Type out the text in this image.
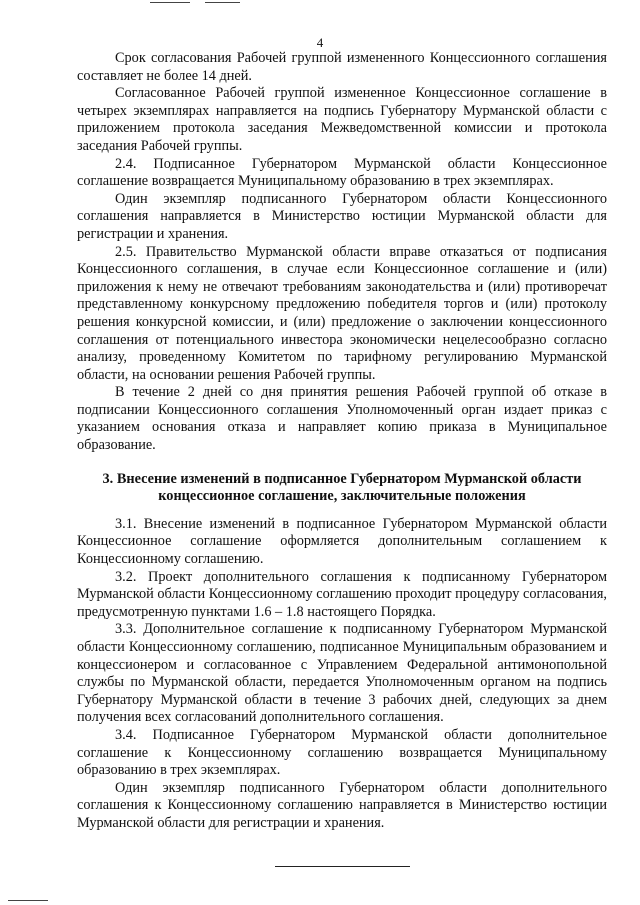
4

Срок согласования Рабочей группой измененного Концессионного соглашения составляет не более 14 дней.

Согласованное Рабочей группой измененное Концессионное соглашение в четырех экземплярах направляется на подпись Губернатору Мурманской области с приложением протокола заседания Межведомственной комиссии и протокола заседания Рабочей группы.

2.4. Подписанное Губернатором Мурманской области Концессионное соглашение возвращается Муниципальному образованию в трех экземплярах.

Один экземпляр подписанного Губернатором области Концессионного соглашения направляется в Министерство юстиции Мурманской области для регистрации и хранения.

2.5. Правительство Мурманской области вправе отказаться от подписания Концессионного соглашения, в случае если Концессионное соглашение и (или) приложения к нему не отвечают требованиям законодательства и (или) противоречат представленному конкурсному предложению победителя торгов и (или) протоколу решения конкурсной комиссии, и (или) предложение о заключении концессионного соглашения от потенциального инвестора экономически нецелесообразно согласно анализу, проведенному Комитетом по тарифному регулированию Мурманской области, на основании решения Рабочей группы.

В течение 2 дней со дня принятия решения Рабочей группой об отказе в подписании Концессионного соглашения Уполномоченный орган издает приказ с указанием основания отказа и направляет копию приказа в Муниципальное образование.

3. Внесение изменений в подписанное Губернатором Мурманской области концессионное соглашение, заключительные положения

3.1. Внесение изменений в подписанное Губернатором Мурманской области Концессионное соглашение оформляется дополнительным соглашением к Концессионному соглашению.

3.2. Проект дополнительного соглашения к подписанному Губернатором Мурманской области Концессионному соглашению проходит процедуру согласования, предусмотренную пунктами 1.6 – 1.8 настоящего Порядка.

3.3. Дополнительное соглашение к подписанному Губернатором Мурманской области Концессионному соглашению, подписанное Муниципальным образованием и концессионером и согласованное с Управлением Федеральной антимонопольной службы по Мурманской области, передается Уполномоченным органом на подпись Губернатору Мурманской области в течение 3 рабочих дней, следующих за днем получения всех согласований дополнительного соглашения.

3.4. Подписанное Губернатором Мурманской области дополнительное соглашение к Концессионному соглашению возвращается Муниципальному образованию в трех экземплярах.

Один экземпляр подписанного Губернатором области дополнительного соглашения к Концессионному соглашению направляется в Министерство юстиции Мурманской области для регистрации и хранения.
